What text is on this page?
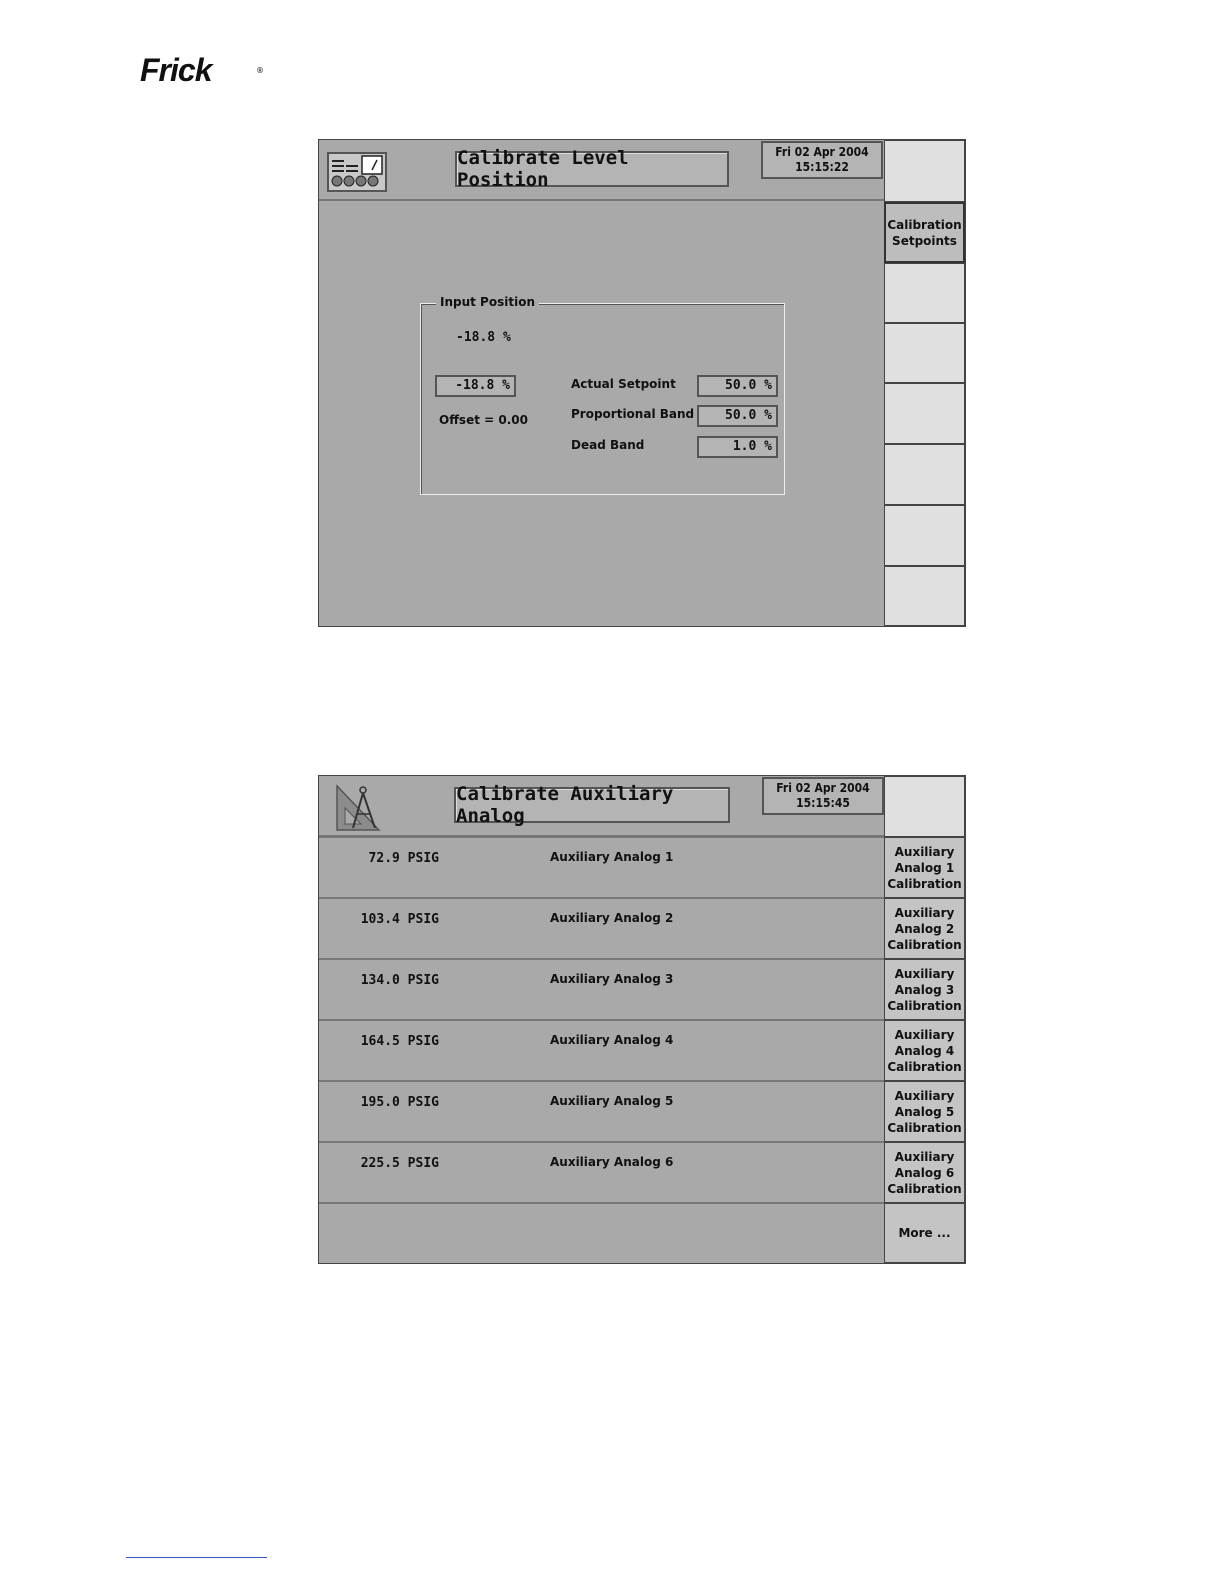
Frick	®
Calibrate Level Position
Fri 02 Apr 2004
15:15:22
Input Position
-18.8 %
-18.8 %
Offset = 0.00
Actual Setpoint	50.0 %
Proportional Band	50.0 %
Dead Band	1.0 %
Calibration Setpoints
Calibrate Auxiliary Analog
Fri 02 Apr 2004
15:15:45
72.9 PSIG	Auxiliary Analog 1
103.4 PSIG	Auxiliary Analog 2
134.0 PSIG	Auxiliary Analog 3
164.5 PSIG	Auxiliary Analog 4
195.0 PSIG	Auxiliary Analog 5
225.5 PSIG	Auxiliary Analog 6
Auxiliary
Analog 1
Calibration
Auxiliary
Analog 2
Calibration
Auxiliary
Analog 3
Calibration
Auxiliary
Analog 4
Calibration
Auxiliary
Analog 5
Calibration
Auxiliary
Analog 6
Calibration
More ...
